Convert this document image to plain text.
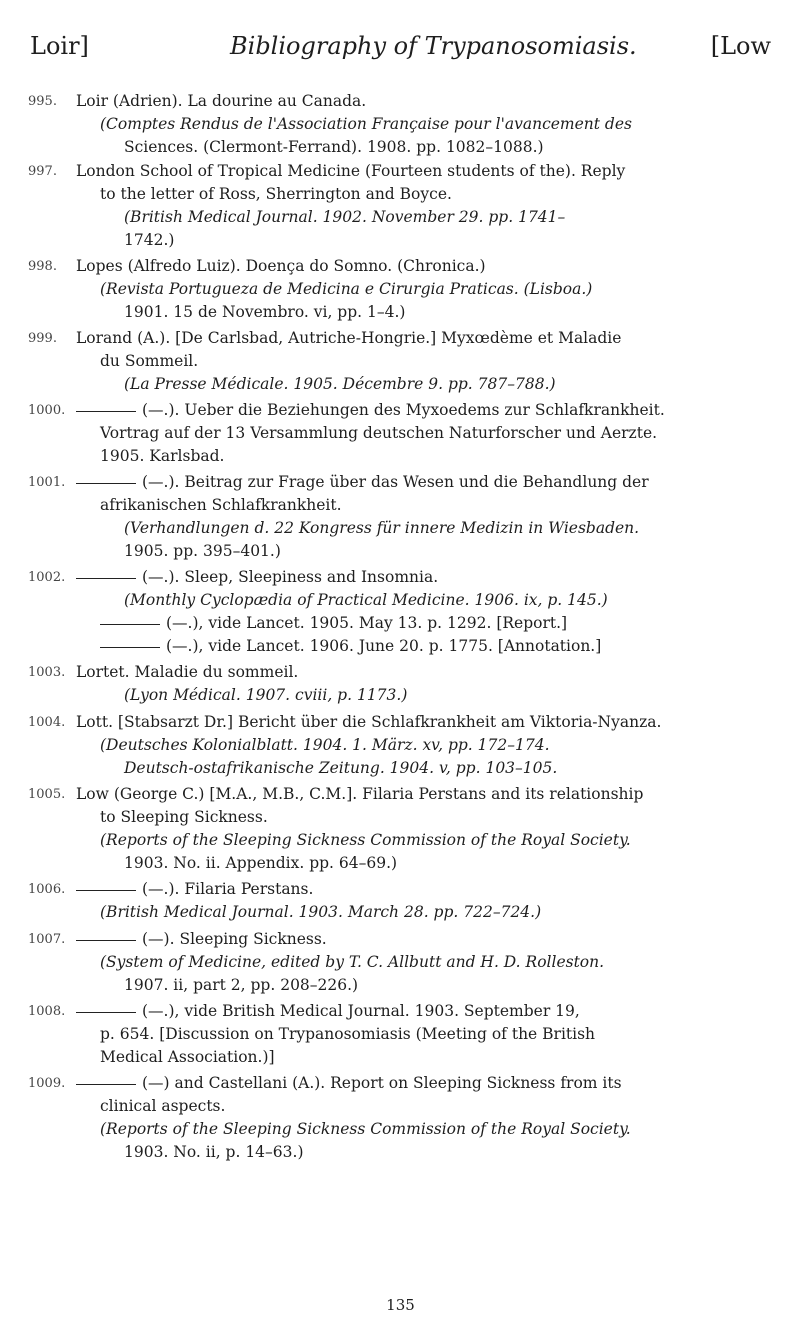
Loir]	Bibliography of Trypanosomiasis.	[Low
995.	Loir (Adrien). La dourine au Canada.
(Comptes Rendus de l'Association Française pour l'avancement des
Sciences. (Clermont-Ferrand). 1908. pp. 1082–1088.)
997.	London School of Tropical Medicine (Fourteen students of the). Reply
to the letter of Ross, Sherrington and Boyce.
(British Medical Journal. 1902. November 29. pp. 1741–
1742.)
998.	Lopes (Alfredo Luiz). Doença do Somno. (Chronica.)
(Revista Portugueza de Medicina e Cirurgia Praticas. (Lisboa.)
1901. 15 de Novembro. vi, pp. 1–4.)
999.	Lorand (A.). [De Carlsbad, Autriche-Hongrie.] Myxœdème et Maladie
du Sommeil.
(La Presse Médicale. 1905. Décembre 9. pp. 787–788.)
1000.	(—.). Ueber die Beziehungen des Myxoedems zur Schlafkrankheit.
Vortrag auf der 13 Versammlung deutschen Naturforscher und Aerzte.
1905. Karlsbad.
1001.	(—.). Beitrag zur Frage über das Wesen und die Behandlung der
afrikanischen Schlafkrankheit.
(Verhandlungen d. 22 Kongress für innere Medizin in Wiesbaden.
1905. pp. 395–401.)
1002.	(—.). Sleep, Sleepiness and Insomnia.
(Monthly Cyclopædia of Practical Medicine. 1906. ix, p. 145.)
(—.), vide Lancet. 1905. May 13. p. 1292. [Report.]
(—.), vide Lancet. 1906. June 20. p. 1775. [Annotation.]
1003. Lortet. Maladie du sommeil.
(Lyon Médical. 1907. cviii, p. 1173.)
1004. Lott. [Stabsarzt Dr.] Bericht über die Schlafkrankheit am Viktoria-Nyanza.
(Deutsches Kolonialblatt. 1904. 1. März. xv, pp. 172–174.
Deutsch-ostafrikanische Zeitung. 1904. v, pp. 103–105.
1005. Low (George C.) [M.A., M.B., C.M.]. Filaria Perstans and its relationship
to Sleeping Sickness.
(Reports of the Sleeping Sickness Commission of the Royal Society.
1903. No. ii. Appendix. pp. 64–69.)
1006.	(—.). Filaria Perstans.
(British Medical Journal. 1903. March 28. pp. 722–724.)
1007.	(—). Sleeping Sickness.
(System of Medicine, edited by T. C. Allbutt and H. D. Rolleston.
1907. ii, part 2, pp. 208–226.)
1008.	(—.), vide British Medical Journal. 1903. September 19,
p. 654. [Discussion on Trypanosomiasis (Meeting of the British
Medical Association.)]
1009.	(—) and Castellani (A.). Report on Sleeping Sickness from its
clinical aspects.
(Reports of the Sleeping Sickness Commission of the Royal Society.
1903. No. ii, p. 14–63.)
135
